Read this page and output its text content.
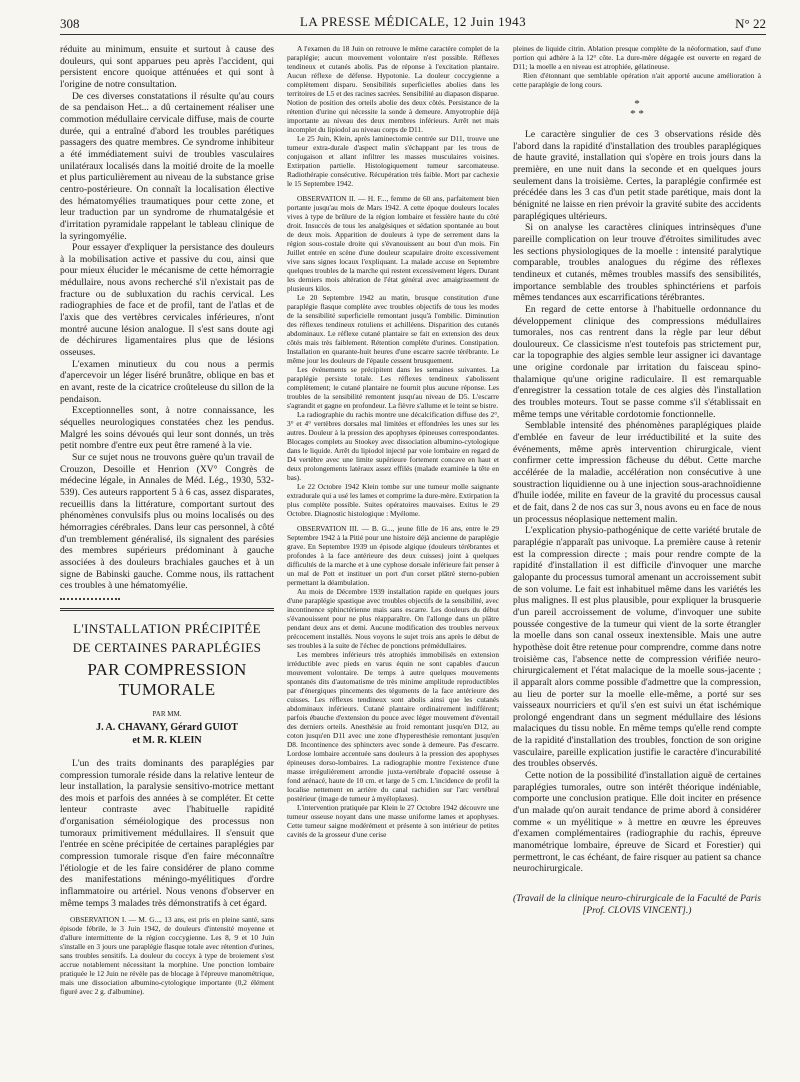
308	LA PRESSE MÉDICALE, 12 Juin 1943	N° 22

réduite au minimum, ensuite et surtout à cause des douleurs, qui sont apparues peu après l'accident, qui persistent encore quoique atténuées et qui sont à l'origine de notre consultation.

De ces diverses constatations il résulte qu'au cours de sa pendaison Het... a dû certainement réaliser une commotion médullaire cervicale diffuse, mais de courte durée, qui a entraîné d'abord les troubles parétiques passagers des quatre membres. Ce syndrome inhibiteur a été immédiatement suivi de troubles vasculaires unilatéraux localisés dans la moitié droite de la moelle et plus particulièrement au niveau de la substance grise centro-postérieure. On connaît la localisation élective des hématomyélies traumatiques pour cette zone, et leur traduction par un syndrome de rhumatalgésie et d'irritation pyramidale rappelant le tableau clinique de la syringomyélie.

Pour essayer d'expliquer la persistance des douleurs à la mobilisation active et passive du cou, ainsi que pour mieux élucider le mécanisme de cette hémorragie médullaire, nous avons recherché s'il n'existait pas de fracture ou de subluxation du rachis cervical. Les radiographies de face et de profil, tant de l'atlas et de l'axis que des vertèbres cervicales inférieures, n'ont montré aucune lésion analogue. Il s'est sans doute agi de déchirures ligamentaires plus que de lésions osseuses.

L'examen minutieux du cou nous a permis d'apercevoir un léger liséré brunâtre, oblique en bas et en avant, reste de la cicatrice croûteleuse du sillon de la pendaison.

Exceptionnelles sont, à notre connaissance, les séquelles neurologiques constatées chez les pendus. Malgré les soins dévoués qui leur sont donnés, un très petit nombre d'entre eux peut être ramené à la vie.

Sur ce sujet nous ne trouvons guère qu'un travail de Crouzon, Desoille et Henrion (XV° Congrès de médecine légale, in Annales de Méd. Lég., 1930, 532-539). Ces auteurs rapportent 5 à 6 cas, assez disparates, recueillis dans la littérature, comportant surtout des phénomènes convulsifs plus ou moins localisés ou des hémorragies cérébrales. Dans leur cas personnel, à côté d'un tremblement généralisé, ils signalent des parésies des membres supérieurs prédominant à gauche associées à des douleurs brachiales gauches et à un signe de Babinski gauche. Comme nous, ils rattachent ces troubles à une hématomyélie.

L'INSTALLATION PRÉCIPITÉE
DE CERTAINES PARAPLÉGIES
PAR COMPRESSION TUMORALE
PAR MM.
J. A. CHAVANY, Gérard GUIOT
et M. R. KLEIN

L'un des traits dominants des paraplégies par compression tumorale réside dans la relative lenteur de leur installation, la paralysie sensitivo-motrice mettant des mois et parfois des années à se compléter. Et cette lenteur contraste avec l'habituelle rapidité d'organisation séméiologique des processus non tumoraux primitivement médullaires. Il s'ensuit que l'entrée en scène précipitée de certaines paraplégies par compression tumorale risque d'en faire méconnaître l'étiologie et de les faire considérer de plano comme des manifestations méningo-myélitiques d'ordre inflammatoire ou artériel. Nous venons d'observer en même temps 3 malades très démonstratifs à cet égard.

OBSERVATION I. — M. G..., 13 ans, est pris en pleine santé, sans épisode fébrile, le 3 Juin 1942, de douleurs d'intensité moyenne et d'allure intermittente de la région coccygienne. Les 8, 9 et 10 Juin s'installe en 3 jours une paraplégie flasque totale avec rétention d'urines, sans troubles sensitifs. La douleur du coccyx à type de broiement s'est accrue notablement nécessitant la morphine. Une ponction lombaire pratiquée le 12 Juin ne révèle pas de blocage à l'épreuve manométrique, mais une dissociation albumino-cytologique importante (0,2 élément figuré avec 2 g. d'albumine).

A l'examen du 18 Juin on retrouve le même caractère complet de la paraplégie; aucun mouvement volontaire n'est possible. Réflexes tendineux et cutanés abolis. Pas de réponse à l'excitation plantaire. Aucun réflexe de défense. Hypotonie. La douleur coccygienne a complètement disparu. Sensibilités superficielles abolies dans les territoires de L5 et des racines sacrées. Sensibilité au diapason disparue. Notion de position des orteils abolie des deux côtés. Persistance de la rétention d'urine qui nécessite la sonde à demeure. Amyotrophie déjà importante au niveau des deux membres inférieurs. Arrêt net mais incomplet du lipiodol au niveau corps de D11.

Le 25 Juin, Klein, après laminectomie centrée sur D11, trouve une tumeur extra-durale d'aspect malin s'échappant par les trous de conjugaison et allant infiltrer les masses musculaires voisines. Extirpation partielle. Histologiquement tumeur sarcomateuse. Radiothérapie consécutive. Récupération très faible. Mort par cachexie le 15 Septembre 1942.

OBSERVATION II. — H. F..., femme de 60 ans, parfaitement bien portante jusqu'au mois de Mars 1942. A cette époque douleurs locales vives à type de brûlure de la région lombaire et fessière haute du côté droit. Insuccès de tous les analgésiques et sédation spontanée au bout de deux mois. Apparition de douleurs à type de serrement dans la région sous-costale droite qui s'évanouissent au bout d'un mois. Fin Juillet entrée en scène d'une douleur scapulaire droite excessivement vive sans signes locaux l'expliquant. La malade accuse en Septembre quelques troubles de la marche qui restent excessivement légers. Durant les derniers mois altération de l'état général avec amaigrissement de plusieurs kilos.

Le 20 Septembre 1942 au matin, brusque constitution d'une paraplégie flasque complète avec troubles objectifs de tous les modes de la sensibilité superficielle remontant jusqu'à l'ombilic. Diminution des réflexes tendineux rotuliens et achilléens. Disparition des cutanés abdominaux. Le réflexe cutané plantaire se fait en extension des deux côtés mais très faiblement. Rétention complète d'urines. Constipation. Installation en quarante-huit heures d'une escarre sacrée térébrante. Le même jour les douleurs de l'épaule cessent brusquement.

Les événements se précipitent dans les semaines suivantes. La paraplégie persiste totale. Les réflexes tendineux s'abolissent complètement; le cutané plantaire ne fournit plus aucune réponse. Les troubles de la sensibilité remontent jusqu'au niveau de D5. L'escarre s'agrandit et gagne en profondeur. La fièvre s'allume et le teint se bistre.

La radiographie du rachis montre une décalcification diffuse des 2°, 3° et 4° vertèbres dorsales mal limitées et effondrées les unes sur les autres. Douleur à la pression des apophyses épineuses correspondantes. Blocages complets au Stookey avec dissociation albumino-cytologique dans le liquide. Arrêt du lipiodol injecté par voie lombaire en regard de D4 vertèbre avec une limite supérieure fortement concave en haut et deux prolongements latéraux assez effilés (malade examinée la tête en bas).

Le 22 Octobre 1942 Klein tombe sur une tumeur molle saignante extradurale qui a usé les lames et comprime la dure-mère. Extirpation la plus complète possible. Suites opératoires mauvaises. Exitus le 29 Octobre. Diagnostic histologique : Myélome.

OBSERVATION III. — B. G..., jeune fille de 16 ans, entre le 29 Septembre 1942 à la Pitié pour une histoire déjà ancienne de paraplégie grave. En Septembre 1939 un épisode algique (douleurs térébrantes et profondes à la face antérieure des deux cuisses) joint à quelques difficultés de la marche et à une cyphose dorsale inférieure fait penser à un mal de Pott et instituer un port d'un corset plâtré sterno-pubien permettant la déambulation.

Au mois de Décembre 1939 installation rapide en quelques jours d'une paraplégie spastique avec troubles objectifs de la sensibilité, avec incontinence sphinctérienne mais sans escarre. Les douleurs du début s'évanouissent pour ne plus réapparaître. On l'allonge dans un plâtre pendant deux ans et demi. Aucune modification des troubles nerveux précocement installés. Nous voyons le sujet trois ans après le début de ses troubles à la suite de l'échec de ponctions prémédullaires.

Les membres inférieurs très atrophiés immobilisés en extension irréductible avec pieds en varus équin ne sont capables d'aucun mouvement volontaire. De temps à autre quelques mouvements spontanés dits d'automatisme de très minime amplitude reproductibles par d'énergiques pincements des téguments de la face antérieure des cuisses. Les réflexes tendineux sont abolis ainsi que les cutanés abdominaux inférieurs. Cutané plantaire ordinairement indifférent; parfois ébauche d'extension du pouce avec léger mouvement d'éventail des derniers orteils. Anesthésie au froid remontant jusqu'en D12, au coton jusqu'en D11 avec une zone d'hyperesthésie remontant jusqu'en D8. Incontinence des sphincters avec sonde à demeure. Pas d'escarre. Lordose lombaire accentuée sans douleurs à la pression des apophyses épineuses dorso-lombaires. La radiographie montre l'existence d'une masse irrégulièrement arrondie juxta-vertébrale d'opacité osseuse à fond arénacé, haute de 10 cm. et large de 5 cm. L'incidence de profil la localise nettement en arrière du canal rachidien sur l'arc vertébral postérieur (image de tumeur à myéloplaxes).

L'intervention pratiquée par Klein le 27 Octobre 1942 découvre une tumeur osseuse noyant dans une masse uniforme lames et apophyses. Cette tumeur saigne modérément et présente à son intérieur de petites cavités de la grosseur d'une cerise

pleines de liquide citrin. Ablation presque complète de la néoformation, sauf d'une portion qui adhère à la 12° côte. La dure-mère dégagée est ouverte en regard de D11; la moelle a en niveau est atrophiée, gélatineuse.

Rien d'étonnant que semblable opération n'ait apporté aucune amélioration à cette paraplégie de long cours.

*
* *

Le caractère singulier de ces 3 observations réside dès l'abord dans la rapidité d'installation des troubles paraplégiques de haute gravité, installation qui s'opère en trois jours dans la première, en une nuit dans la seconde et en quelques jours seulement dans la troisième. Certes, la paraplégie confirmée est précédée dans les 3 cas d'un petit stade parétique, mais dont la bénignité ne laisse en rien prévoir la gravité subite des accidents paraplégiques ultérieurs.

Si on analyse les caractères cliniques intrinsèques d'une pareille complication on leur trouve d'étroites similitudes avec les sections physiologiques de la moelle : intensité paralytique comparable, troubles analogues du régime des réflexes tendineux et cutanés, mêmes troubles massifs des sensibilités, importance semblable des troubles sphinctériens et parfois mêmes tendances aux escarrifications térébrantes.

En regard de cette entorse à l'habituelle ordonnance du développement clinique des compressions médullaires tumorales, nos cas rentrent dans la règle par leur début douloureux. Ce classicisme n'est toutefois pas strictement pur, car la topographie des algies semble leur assigner ici davantage une origine cordonale par irritation du faisceau spino-thalamique qu'une origine radiculaire. Il est remarquable d'enregistrer la cessation totale de ces algies dès l'installation des troubles moteurs. Tout se passe comme s'il s'établissait en même temps une véritable cordotomie fonctionnelle.

Semblable intensité des phénomènes paraplégiques plaide d'emblée en faveur de leur irréductibilité et la suite des événements, même après intervention chirurgicale, vient confirmer cette impression fâcheuse du début. Cette marche accélérée de la maladie, accélération non consécutive à une soustraction liquidienne ou à une injection sous-arachnoïdienne d'huile iodée, milite en faveur de la gravité du processus causal et de fait, dans 2 de nos cas sur 3, nous avons eu en face de nous un processus néoplasique nettement malin.

L'explication physio-pathogénique de cette variété brutale de paraplégie n'apparaît pas univoque. La première cause à retenir est la compression directe ; mais pour rendre compte de la rapidité d'installation il est difficile d'invoquer une marche galopante du processus tumoral amenant un accroissement subit de son volume. Le fait est inhabituel même dans les variétés les plus malignes. Il est plus plausible, pour expliquer la brusquerie d'un pareil accroissement de volume, d'invoquer une subite poussée congestive de la tumeur qui vient de la sorte étrangler la moelle dans son canal osseux inextensible. Mais une autre hypothèse doit être retenue pour comprendre, comme dans notre troisième cas, l'absence nette de compression vérifiée neuro-chirurgicalement et l'état malacique de la moelle sous-jacente ; il apparaît alors comme possible d'admettre que la compression, au lieu de porter sur la moelle elle-même, a porté sur ses vaisseaux nourriciers et qu'il s'en est suivi un état ischémique prolongé engendrant dans un segment médullaire des lésions malaciques du tissu noble. En même temps qu'elle rend compte de la rapidité d'installation des troubles, fonction de son origine vasculaire, pareille explication justifie le caractère d'incurabilité des troubles observés.

Cette notion de la possibilité d'installation aiguë de certaines paraplégies tumorales, outre son intérêt théorique indéniable, comporte une conclusion pratique. Elle doit inciter en présence d'un malade qu'on aurait tendance de prime abord à considérer comme « un myélitique » à mettre en œuvre les épreuves d'examen complémentaires (radiographie du rachis, épreuve manométrique lombaire, épreuve de Sicard et Forestier) qui permettront, le cas échéant, de faire risquer au patient sa chance neurochirurgicale.

(Travail de la clinique neuro-chirurgicale de la Faculté de Paris [Prof. CLOVIS VINCENT].)
